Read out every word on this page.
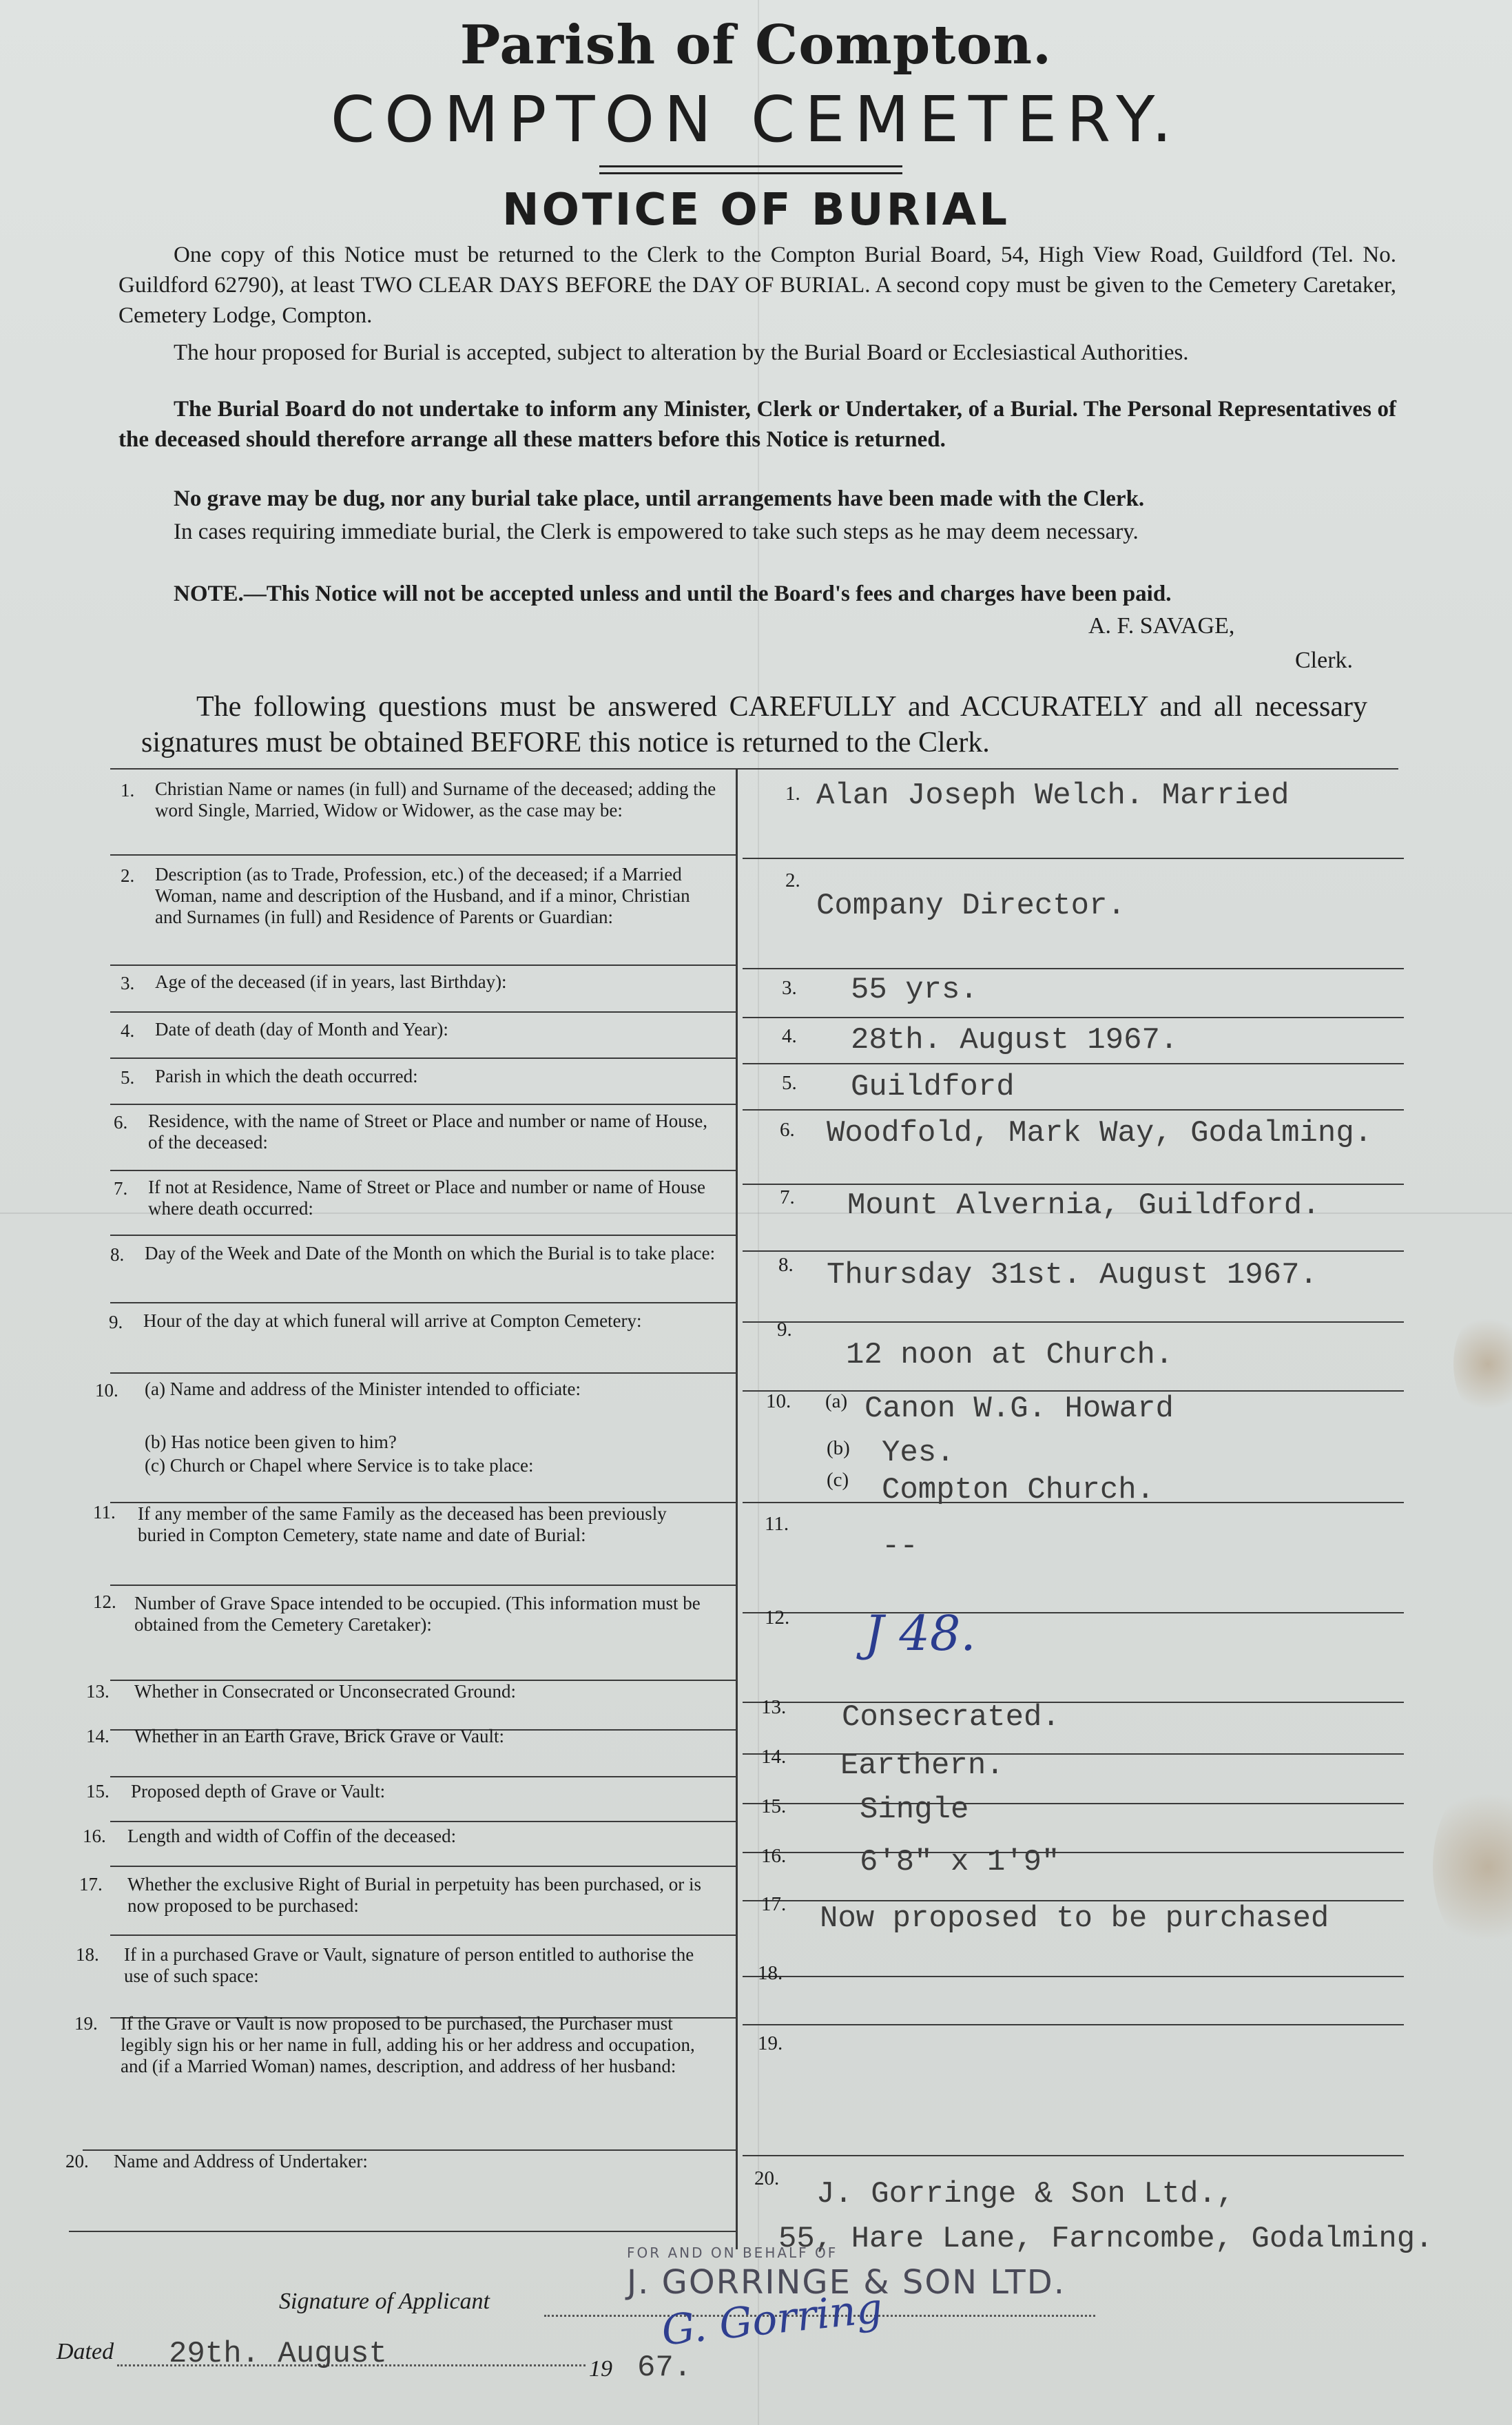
Parish of Compton.
COMPTON CEMETERY.
NOTICE OF BURIAL
One copy of this Notice must be returned to the Clerk to the Compton Burial Board, 54, High View Road, Guildford (Tel. No. Guildford 62790), at least TWO CLEAR DAYS BEFORE the DAY OF BURIAL. A second copy must be given to the Cemetery Caretaker, Cemetery Lodge, Compton.
The hour proposed for Burial is accepted, subject to alteration by the Burial Board or Ecclesiastical Authorities.
The Burial Board do not undertake to inform any Minister, Clerk or Undertaker, of a Burial. The Personal Representatives of the deceased should therefore arrange all these matters before this Notice is returned.
No grave may be dug, nor any burial take place, until arrangements have been made with the Clerk.
In cases requiring immediate burial, the Clerk is empowered to take such steps as he may deem necessary.
NOTE.—This Notice will not be accepted unless and until the Board's fees and charges have been paid.
A. F. SAVAGE,
Clerk.
The following questions must be answered CAREFULLY and ACCURATELY and all necessary signatures must be obtained BEFORE this notice is returned to the Clerk.
1. Christian Name or names (in full) and Surname of the deceased; adding the word Single, Married, Widow or Widower, as the case may be:
2. Description (as to Trade, Profession, etc.) of the deceased; if a Married Woman, name and description of the Husband, and if a minor, Christian and Surnames (in full) and Residence of Parents or Guardian:
3. Age of the deceased (if in years, last Birthday):
4. Date of death (day of Month and Year):
5. Parish in which the death occurred:
6. Residence, with the name of Street or Place and number or name of House, of the deceased:
7. If not at Residence, Name of Street or Place and number or name of House where death occurred:
8. Day of the Week and Date of the Month on which the Burial is to take place:
9. Hour of the day at which funeral will arrive at Compton Cemetery:
10. (a) Name and address of the Minister intended to officiate:
(b) Has notice been given to him?
(c) Church or Chapel where Service is to take place:
11. If any member of the same Family as the deceased has been previously buried in Compton Cemetery, state name and date of Burial:
12. Number of Grave Space intended to be occupied. (This information must be obtained from the Cemetery Caretaker):
13. Whether in Consecrated or Unconsecrated Ground:
14. Whether in an Earth Grave, Brick Grave or Vault:
15. Proposed depth of Grave or Vault:
16. Length and width of Coffin of the deceased:
17. Whether the exclusive Right of Burial in perpetuity has been purchased, or is now proposed to be purchased:
18. If in a purchased Grave or Vault, signature of person entitled to authorise the use of such space:
19. If the Grave or Vault is now proposed to be purchased, the Purchaser must legibly sign his or her name in full, adding his or her address and occupation, and (if a Married Woman) names, description, and address of her husband:
20. Name and Address of Undertaker:
1.
2.
3.
4.
5.
6.
7.
8.
9.
10.
11.
12.
13.
14.
15.
16.
17.
18.
19.
20.
Alan Joseph Welch. Married
Company Director.
55 yrs.
28th. August 1967.
Guildford
Woodfold, Mark Way, Godalming.
Mount Alvernia, Guildford.
Thursday 31st. August 1967.
12 noon at Church.
(a) Canon W.G. Howard
(b) Yes.
(c) Compton Church.
--
J 48.
Consecrated.
Earthern.
Single
6'8" x 1'9"
Now proposed to be purchased
J. Gorringe & Son Ltd.,
55, Hare Lane, Farncombe, Godalming.
Signature of Applicant
FOR AND ON BEHALF OF
J. GORRINGE & SON LTD.
G. Gorring
Dated 29th. August	19 67.
